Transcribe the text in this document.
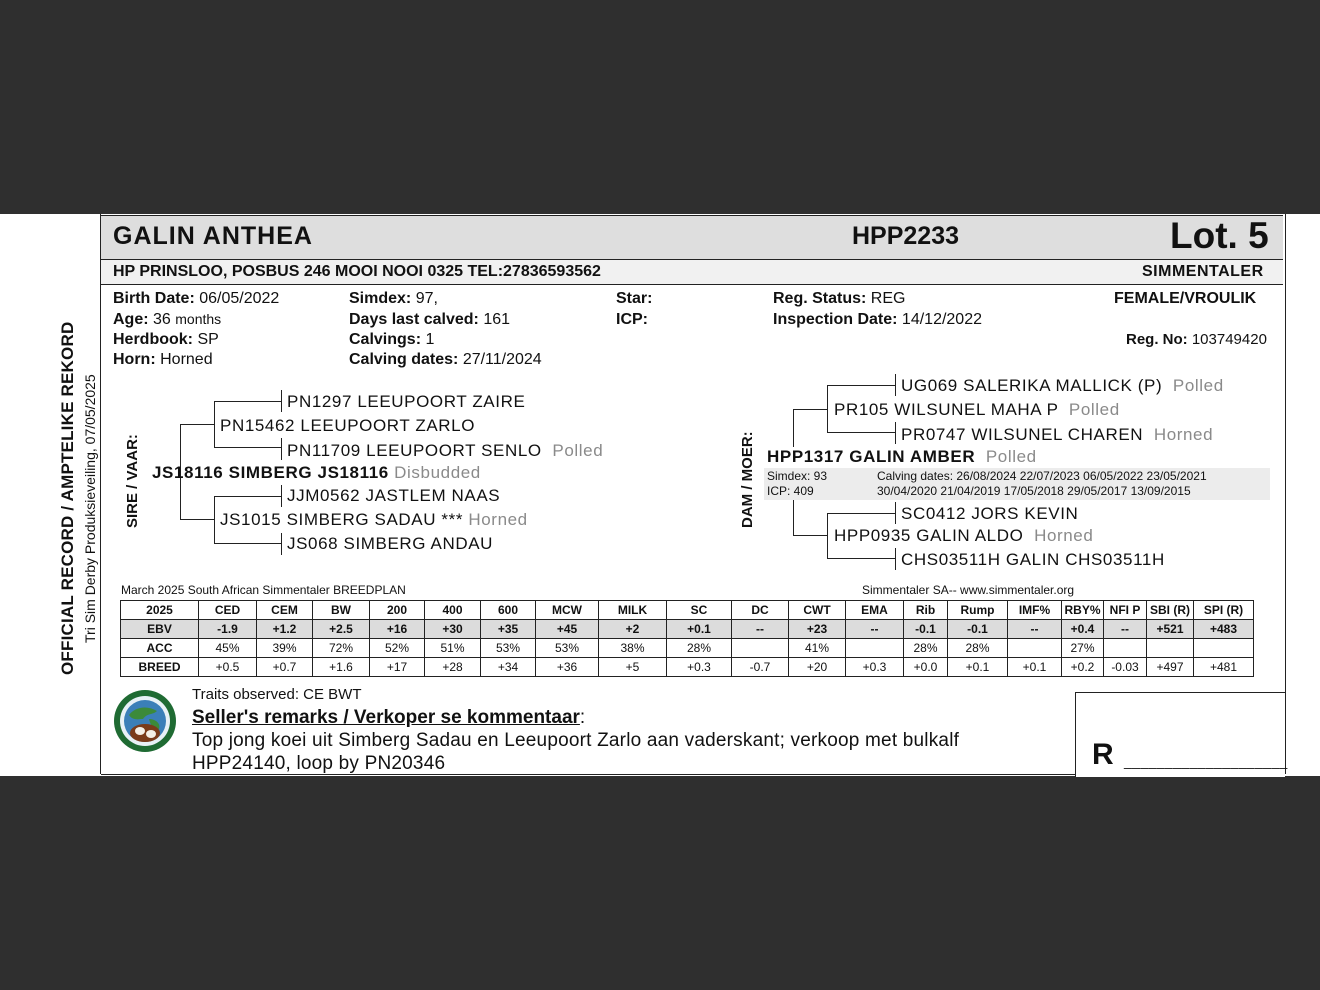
OFFICIAL RECORD / AMPTELIKE REKORD Tri Sim Derby Produksieveiling, 07/05/2025
GALIN ANTHEA	HPP2233	Lot. 5
HP PRINSLOO, POSBUS 246 MOOI NOOI 0325 TEL:27836593562	SIMMENTALER
Birth Date: 06/05/2022
Age: 36 months
Herdbook: SP
Horn: Horned
Simdex: 97,
Days last calved: 161
Calvings: 1
Calving dates: 27/11/2024
Star:
ICP:
Reg. Status: REG
Inspection Date: 14/12/2022
FEMALE/VROULIK
Reg. No: 103749420
SIRE / VAAR:
PN1297 LEEUPOORT ZAIRE
PN15462 LEEUPOORT ZARLO
PN11709 LEEUPOORT SENLO Polled
JS18116 SIMBERG JS18116 Disbudded
JJM0562 JASTLEM NAAS
JS1015 SIMBERG SADAU *** Horned
JS068 SIMBERG ANDAU
DAM / MOER:
UG069 SALERIKA MALLICK (P) Polled
PR105 WILSUNEL MAHA P Polled
PR0747 WILSUNEL CHAREN Horned
HPP1317 GALIN AMBER Polled
Simdex: 93
ICP: 409
Calving dates: 26/08/2024 22/07/2023 06/05/2022 23/05/2021
30/04/2020 21/04/2019 17/05/2018 29/05/2017 13/09/2015
SC0412 JORS KEVIN
HPP0935 GALIN ALDO Horned
CHS03511H GALIN CHS03511H
March 2025 South African Simmentaler BREEDPLAN	Simmentaler SA-- www.simmentaler.org
2025	CED	CEM	BW	200	400	600	MCW	MILK	SC	DC	CWT	EMA	Rib	Rump	IMF%	RBY%	NFI P	SBI (R)	SPI (R)
EBV	-1.9	+1.2	+2.5	+16	+30	+35	+45	+2	+0.1	--	+23	--	-0.1	-0.1	--	+0.4	--	+521	+483
ACC	45%	39%	72%	52%	51%	53%	53%	38%	28%		41%		28%	28%		27%			
BREED	+0.5	+0.7	+1.6	+17	+28	+34	+36	+5	+0.3	-0.7	+20	+0.3	+0.0	+0.1	+0.1	+0.2	-0.03	+497	+481
Traits observed: CE BWT
Seller's remarks / Verkoper se kommentaar:
Top jong koei uit Simberg Sadau en Leeupoort Zarlo aan vaderskant; verkoop met bulkalf
HPP24140, loop by PN20346	R ____________________
